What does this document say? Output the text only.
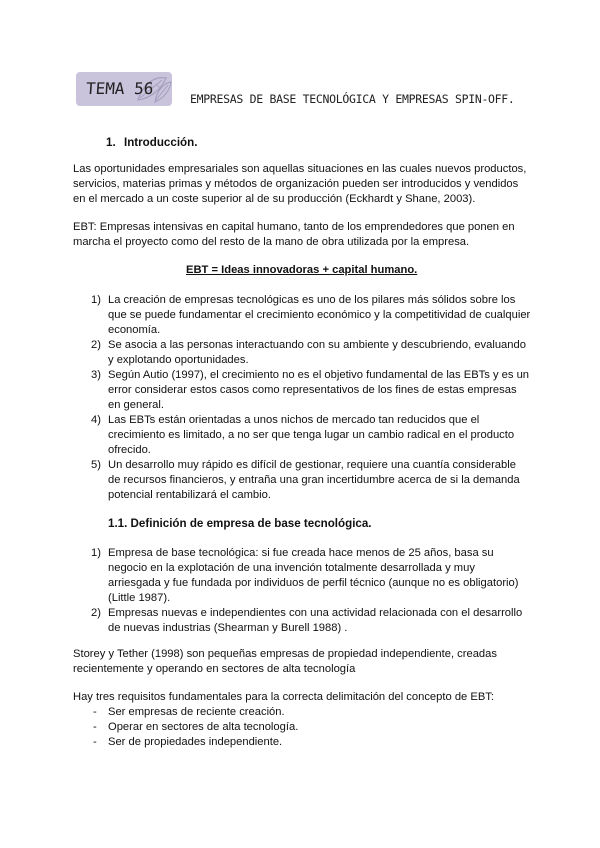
TEMA 56
EMPRESAS DE BASE TECNOLÓGICA Y EMPRESAS SPIN-OFF.
1. Introducción.
Las oportunidades empresariales son aquellas situaciones en las cuales nuevos productos,
servicios, materias primas y métodos de organización pueden ser introducidos y vendidos
en el mercado a un coste superior al de su producción (Eckhardt y Shane, 2003).
EBT: Empresas intensivas en capital humano, tanto de los emprendedores que ponen en
marcha el proyecto como del resto de la mano de obra utilizada por la empresa.
EBT = Ideas innovadoras + capital humano.
1) La creación de empresas tecnológicas es uno de los pilares más sólidos sobre los
que se puede fundamentar el crecimiento económico y la competitividad de cualquier
economía.
2) Se asocia a las personas interactuando con su ambiente y descubriendo, evaluando
y explotando oportunidades.
3) Según Autio (1997), el crecimiento no es el objetivo fundamental de las EBTs y es un
error considerar estos casos como representativos de los fines de estas empresas
en general.
4) Las EBTs están orientadas a unos nichos de mercado tan reducidos que el
crecimiento es limitado, a no ser que tenga lugar un cambio radical en el producto
ofrecido.
5) Un desarrollo muy rápido es difícil de gestionar, requiere una cuantía considerable
de recursos financieros, y entraña una gran incertidumbre acerca de si la demanda
potencial rentabilizará el cambio.
1.1. Definición de empresa de base tecnológica.
1) Empresa de base tecnológica: si fue creada hace menos de 25 años, basa su
negocio en la explotación de una invención totalmente desarrollada y muy
arriesgada y fue fundada por individuos de perfil técnico (aunque no es obligatorio)
(Little 1987).
2) Empresas nuevas e independientes con una actividad relacionada con el desarrollo
de nuevas industrias (Shearman y Burell 1988) .
Storey y Tether (1998) son pequeñas empresas de propiedad independiente, creadas
recientemente y operando en sectores de alta tecnología
Hay tres requisitos fundamentales para la correcta delimitación del concepto de EBT:
- Ser empresas de reciente creación.
- Operar en sectores de alta tecnología.
- Ser de propiedades independiente.
